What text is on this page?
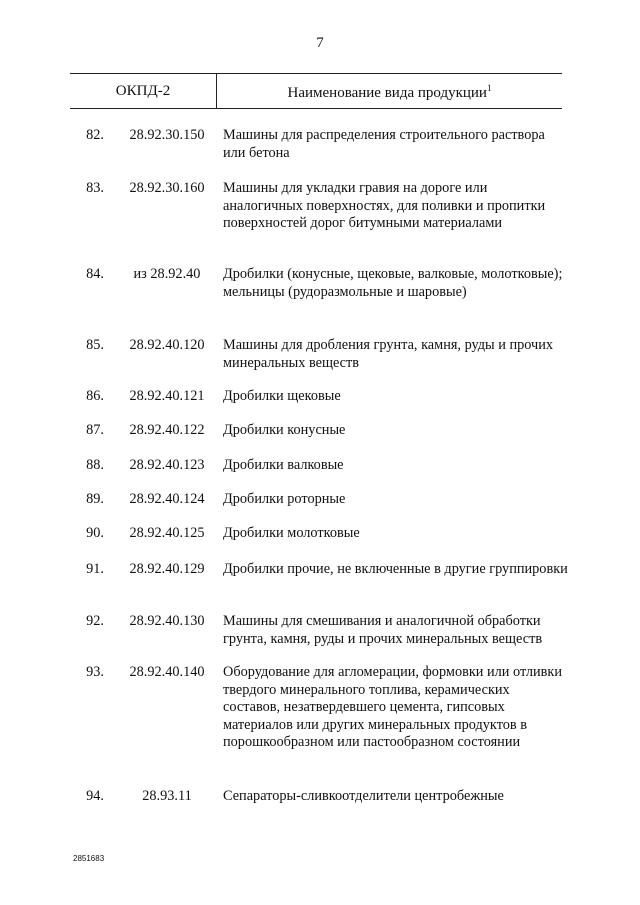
7
ОКПД-2	Наименование вида продукции$^1$
82.	28.92.30.150	Машины для распределения строительного раствора или бетона
83.	28.92.30.160	Машины для укладки гравия на дороге или аналогичных поверхностях, для поливки и пропитки поверхностей дорог битумными материалами
84.	из 28.92.40	Дробилки (конусные, щековые, валковые, молотковые); мельницы (рудоразмольные и шаровые)
85.	28.92.40.120	Машины для дробления грунта, камня, руды и прочих минеральных веществ
86.	28.92.40.121	Дробилки щековые
87.	28.92.40.122	Дробилки конусные
88.	28.92.40.123	Дробилки валковые
89.	28.92.40.124	Дробилки роторные
90.	28.92.40.125	Дробилки молотковые
91.	28.92.40.129	Дробилки прочие, не включенные в другие группировки
92.	28.92.40.130	Машины для смешивания и аналогичной обработки грунта, камня, руды и прочих минеральных веществ
93.	28.92.40.140	Оборудование для агломерации, формовки или отливки твердого минерального топлива, керамических составов, незатвердевшего цемента, гипсовых материалов или других минеральных продуктов в порошкообразном или пастообразном состоянии
94.	28.93.11	Сепараторы-сливкоотделители центробежные
2851683
